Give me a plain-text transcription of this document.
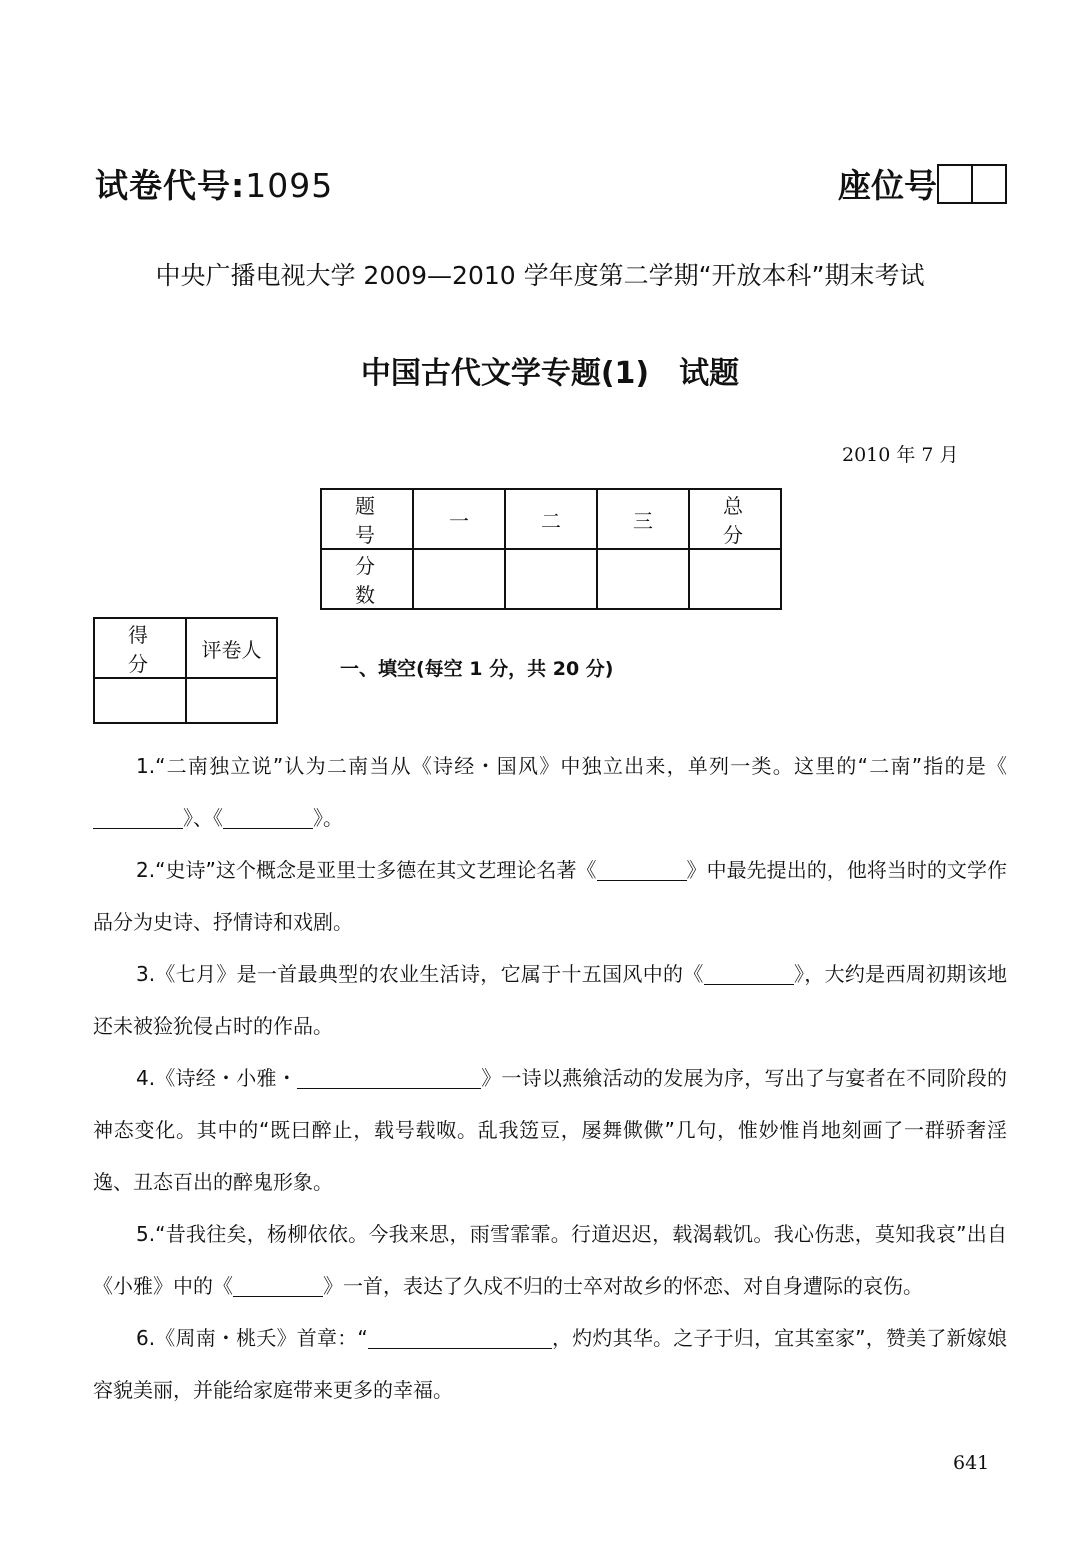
试卷代号:1095	座位号
中央广播电视大学 2009—2010 学年度第二学期“开放本科”期末考试
中国古代文学专题(1)　试题
2010 年 7 月
题　号	一	二	三	总　分
分　数				
得　分	评卷人

一、填空(每空 1 分，共 20 分)

1.“二南独立说”认为二南当从《诗经・国风》中独立出来，单列一类。这里的“二南”指的是《》、《	》。

2.“史诗”这个概念是亚里士多德在其文艺理论名著《	》中最先提出的，他将当时的文学作品分为史诗、抒情诗和戏剧。

3.《七月》是一首最典型的农业生活诗，它属于十五国风中的《	》，大约是西周初期该地还未被猃狁侵占时的作品。

4.《诗经・小雅・	》一诗以燕飨活动的发展为序，写出了与宴者在不同阶段的神态变化。其中的“既曰醉止，载号载呶。乱我笾豆，屡舞僛僛”几句，惟妙惟肖地刻画了一群骄奢淫逸、丑态百出的醉鬼形象。

5.“昔我往矣，杨柳依依。今我来思，雨雪霏霏。行道迟迟，载渴载饥。我心伤悲，莫知我哀”出自《小雅》中的《	》一首，表达了久戍不归的士卒对故乡的怀恋、对自身遭际的哀伤。

6.《周南・桃夭》首章：“	，灼灼其华。之子于归，宜其室家”，赞美了新嫁娘容貌美丽，并能给家庭带来更多的幸福。

641
